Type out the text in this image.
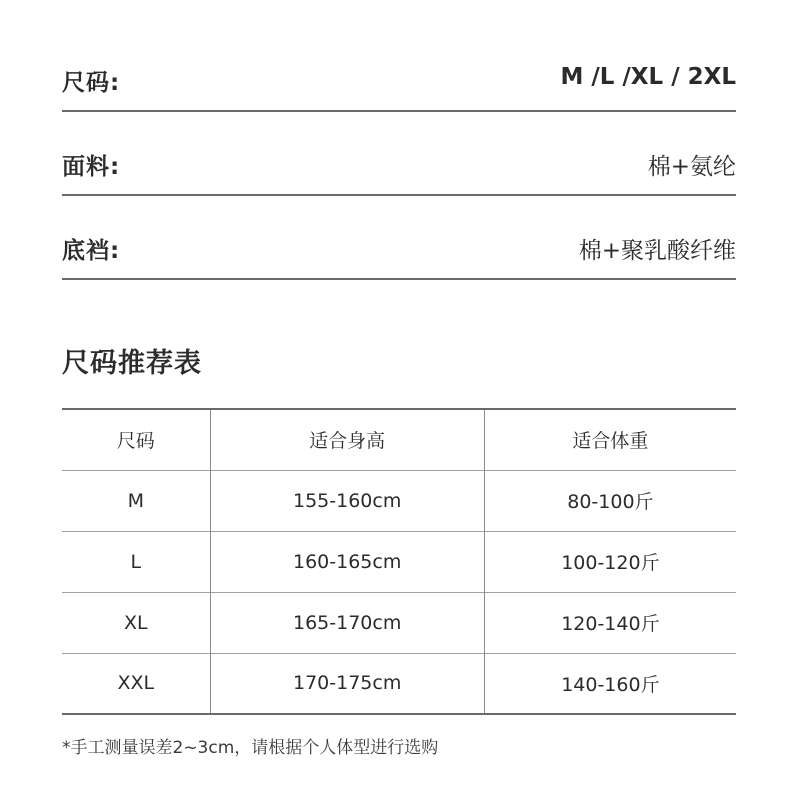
尺码:	M /L /XL / 2XL
面料:	棉+氨纶
底裆:	棉+聚乳酸纤维
尺码推荐表
尺码	适合身高	适合体重
M	155-160cm	80-100斤
L	160-165cm	100-120斤
XL	165-170cm	120-140斤
XXL	170-175cm	140-160斤
*手工测量误差2~3cm，请根据个人体型进行选购
